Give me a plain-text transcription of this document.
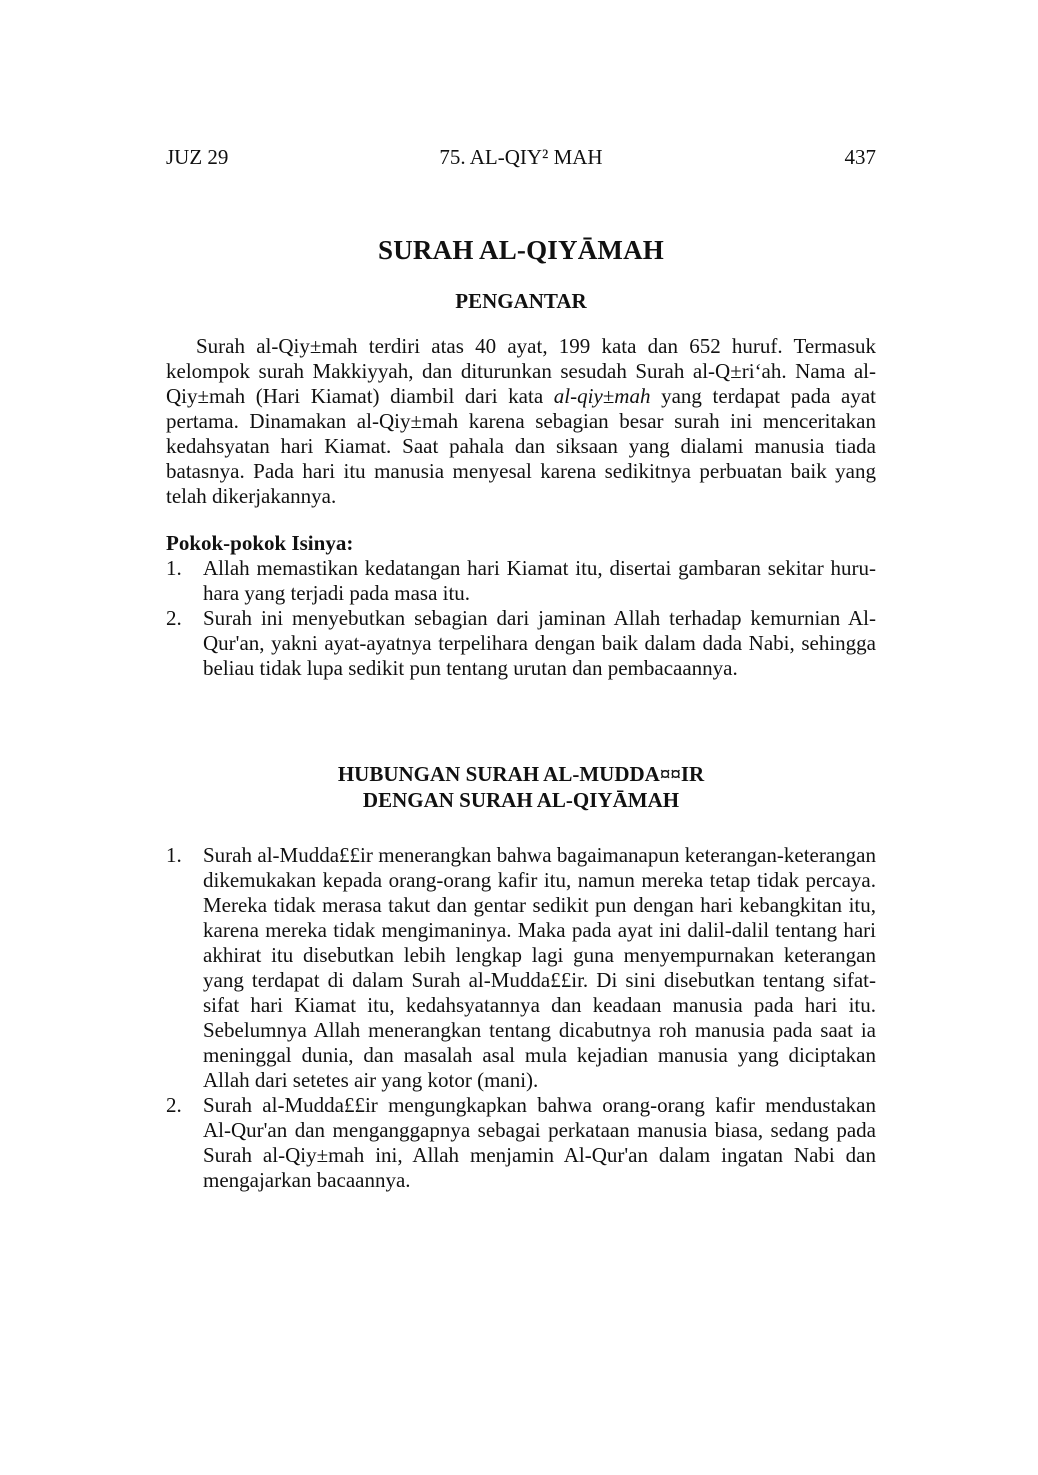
JUZ 29	75. AL-QIY² MAH	437
SURAH AL-QIYĀMAH
PENGANTAR

Surah al-Qiy±mah terdiri atas 40 ayat, 199 kata dan 652 huruf. Termasuk kelompok surah Makkiyyah, dan diturunkan sesudah Surah al-Q±ri‘ah. Nama al-Qiy±mah (Hari Kiamat) diambil dari kata al-qiy±mah yang terdapat pada ayat pertama. Dinamakan al-Qiy±mah karena sebagian besar surah ini menceritakan kedahsyatan hari Kiamat. Saat pahala dan siksaan yang dialami manusia tiada batasnya. Pada hari itu manusia menyesal karena sedikitnya perbuatan baik yang telah dikerjakannya.

Pokok-pokok Isinya:
1. Allah memastikan kedatangan hari Kiamat itu, disertai gambaran sekitar huru-hara yang terjadi pada masa itu.
2. Surah ini menyebutkan sebagian dari jaminan Allah terhadap kemurnian Al-Qur'an, yakni ayat-ayatnya terpelihara dengan baik dalam dada Nabi, sehingga beliau tidak lupa sedikit pun tentang urutan dan pembacaannya.
HUBUNGAN SURAH AL-MUDDA¤¤IR
DENGAN SURAH AL-QIYĀMAH
1. Surah al-Mudda££ir menerangkan bahwa bagaimanapun keterangan-keterangan dikemukakan kepada orang-orang kafir itu, namun mereka tetap tidak percaya. Mereka tidak merasa takut dan gentar sedikit pun dengan hari kebangkitan itu, karena mereka tidak mengimaninya. Maka pada ayat ini dalil-dalil tentang hari akhirat itu disebutkan lebih lengkap lagi guna menyempurnakan keterangan yang terdapat di dalam Surah al-Mudda££ir. Di sini disebutkan tentang sifat-sifat hari Kiamat itu, kedahsyatannya dan keadaan manusia pada hari itu. Sebelumnya Allah menerangkan tentang dicabutnya roh manusia pada saat ia meninggal dunia, dan masalah asal mula kejadian manusia yang diciptakan Allah dari setetes air yang kotor (mani).
2. Surah al-Mudda££ir mengungkapkan bahwa orang-orang kafir mendustakan Al-Qur'an dan menganggapnya sebagai perkataan manusia biasa, sedang pada Surah al-Qiy±mah ini, Allah menjamin Al-Qur'an dalam ingatan Nabi dan mengajarkan bacaannya.
